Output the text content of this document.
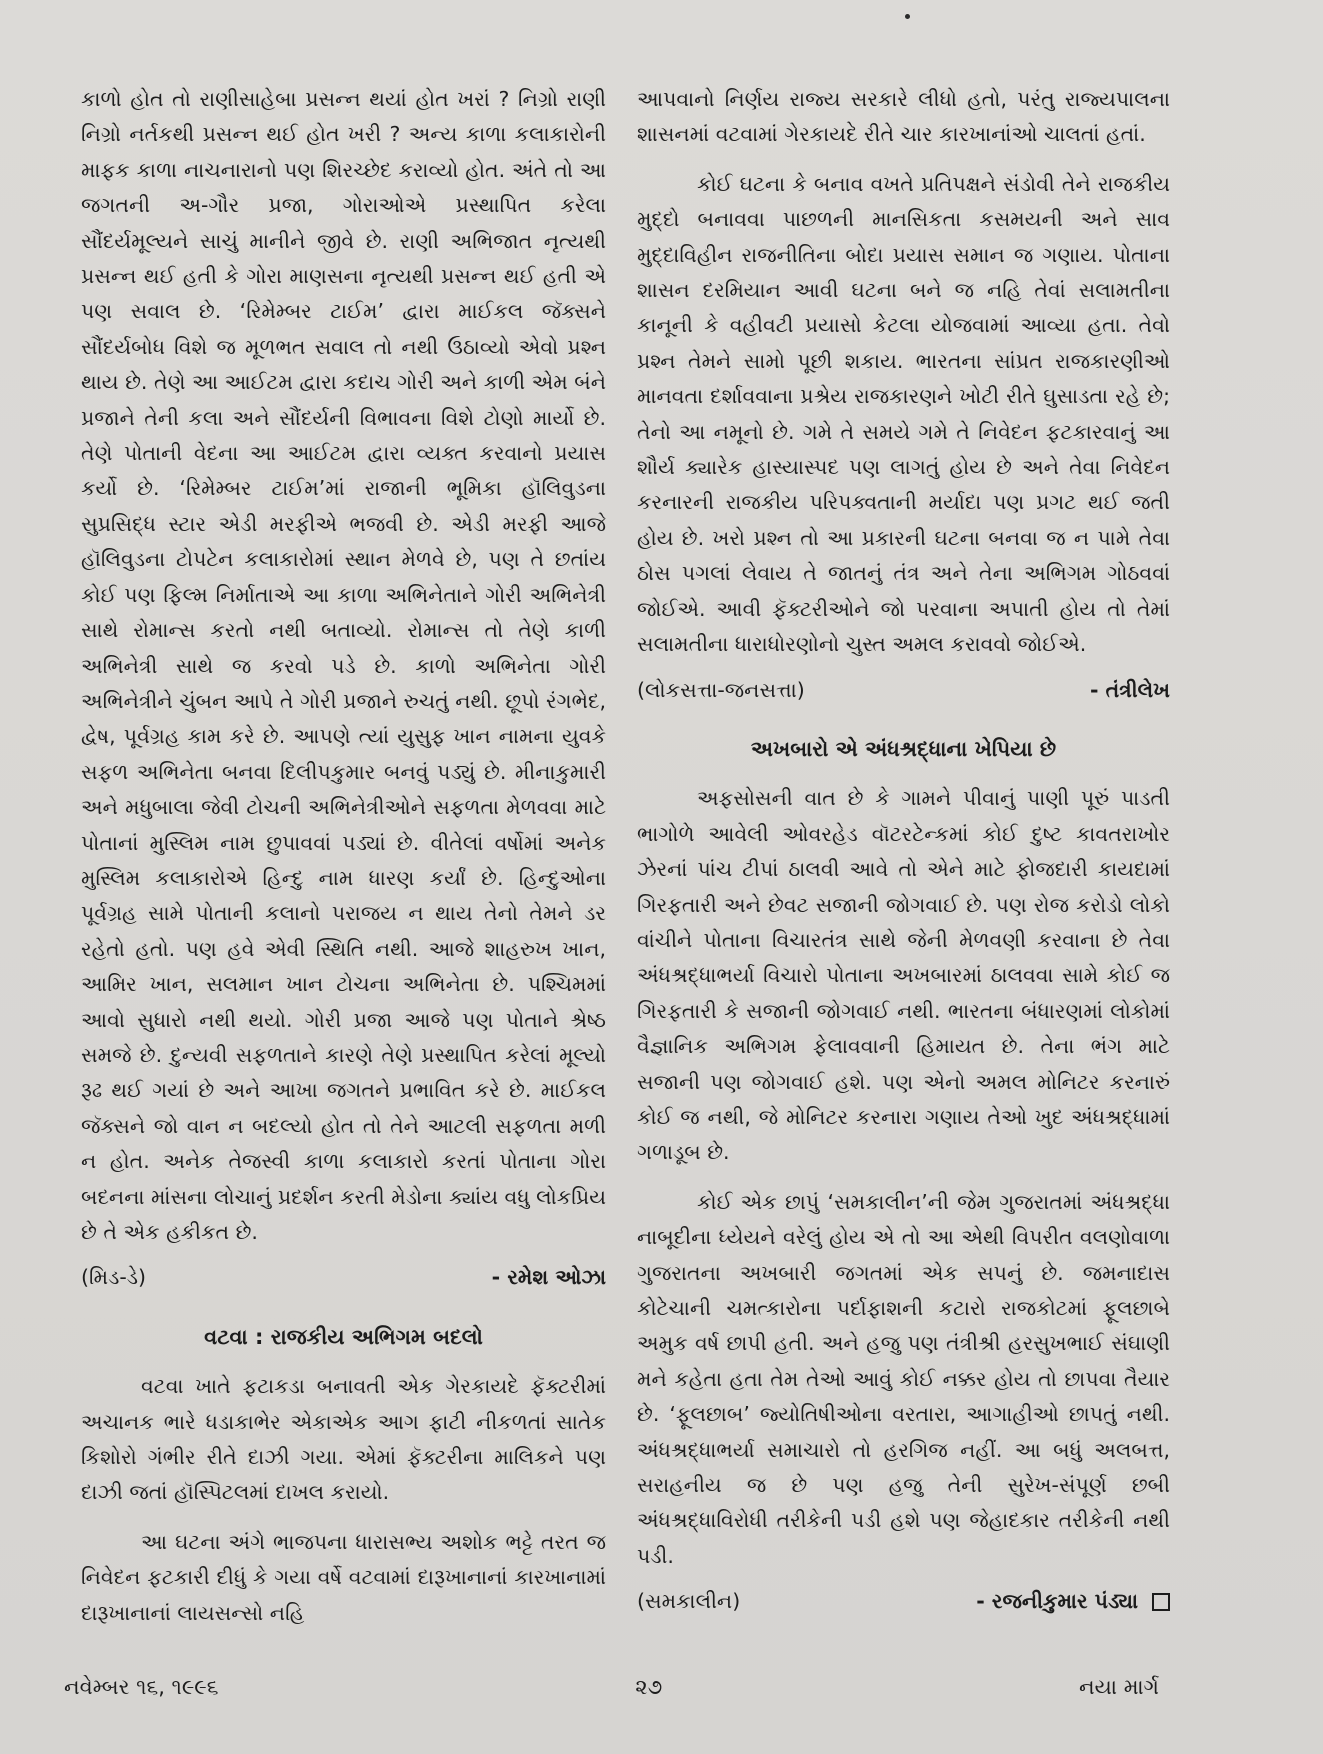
કાળો હોત તો રાણીસાહેબા પ્રસન્ન થયાં હોત ખરાં ? નિગ્રો રાણી નિગ્રો નર્તકથી પ્રસન્ન થઈ હોત ખરી ? અન્ય કાળા કલાકારોની માફક કાળા નાચનારાનો પણ શિરચ્છેદ કરાવ્યો હોત. અંતે તો આ જગતની અ-ગૌર પ્રજા, ગોરાઓએ પ્રસ્થાપિત કરેલા સૌંદર્યમૂલ્યને સાચું માનીને જીવે છે. રાણી અભિજાત નૃત્યથી પ્રસન્ન થઈ હતી કે ગોરા માણસના નૃત્યથી પ્રસન્ન થઈ હતી એ પણ સવાલ છે. ‘રિમેમ્બર ટાઈમ’ દ્વારા માઈકલ જૅક્સને સૌંદર્યબોધ વિશે જ મૂળભત સવાલ તો નથી ઉઠાવ્યો એવો પ્રશ્ન થાય છે. તેણે આ આઈટમ દ્વારા કદાચ ગોરી અને કાળી એમ બંને પ્રજાને તેની કલા અને સૌંદર્યની વિભાવના વિશે ટોણો માર્યો છે. તેણે પોતાની વેદના આ આઈટમ દ્વારા વ્યક્ત કરવાનો પ્રયાસ કર્યો છે. ‘રિમેમ્બર ટાઈમ’માં રાજાની ભૂમિકા હૉલિવુડના સુપ્રસિદ્ધ સ્ટાર એડી મરફીએ ભજવી છે. એડી મરફી આજે હૉલિવુડના ટોપટેન કલાકારોમાં સ્થાન મેળવે છે, પણ તે છતાંય કોઈ પણ ફિલ્મ નિર્માતાએ આ કાળા અભિનેતાને ગોરી અભિનેત્રી સાથે રોમાન્સ કરતો નથી બતાવ્યો. રોમાન્સ તો તેણે કાળી અભિનેત્રી સાથે જ કરવો પડે છે. કાળો અભિનેતા ગોરી અભિનેત્રીને ચુંબન આપે તે ગોરી પ્રજાને રુચતું નથી. છૂપો રંગભેદ, દ્વેષ, પૂર્વગ્રહ કામ કરે છે. આપણે ત્યાં યુસુફ ખાન નામના યુવકે સફળ અભિનેતા બનવા દિલીપકુમાર બનવું પડ્યું છે. મીનાકુમારી અને મધુબાલા જેવી ટોચની અભિનેત્રીઓને સફળતા મેળવવા માટે પોતાનાં મુસ્લિમ નામ છુપાવવાં પડ્યાં છે. વીતેલાં વર્ષોમાં અનેક મુસ્લિમ કલાકારોએ હિન્દુ નામ ધારણ કર્યાં છે. હિન્દુઓના પૂર્વગ્રહ સામે પોતાની કલાનો પરાજય ન થાય તેનો તેમને ડર રહેતો હતો. પણ હવે એવી સ્થિતિ નથી. આજે શાહરુખ ખાન, આમિર ખાન, સલમાન ખાન ટોચના અભિનેતા છે. પશ્ચિમમાં આવો સુધારો નથી થયો. ગોરી પ્રજા આજે પણ પોતાને શ્રેષ્ઠ સમજે છે. દુન્યવી સફળતાને કારણે તેણે પ્રસ્થાપિત કરેલાં મૂલ્યો રૂઢ થઈ ગયાં છે અને આખા જગતને પ્રભાવિત કરે છે. માઈકલ જૅક્સને જો વાન ન બદલ્યો હોત તો તેને આટલી સફળતા મળી ન હોત. અનેક તેજસ્વી કાળા કલાકારો કરતાં પોતાના ગોરા બદનના માંસના લોચાનું પ્રદર્શન કરતી મેડોના ક્યાંય વધુ લોકપ્રિય છે તે એક હકીકત છે.

(મિડ-ડે)	- રમેશ ઓઝા
વટવા : રાજકીય અભિગમ બદલો

વટવા ખાતે ફટાકડા બનાવતી એક ગેરકાયદે ફૅક્ટરીમાં અચાનક ભારે ધડાકાભેર એકાએક આગ ફાટી નીકળતાં સાતેક કિશોરો ગંભીર રીતે દાઝી ગયા. એમાં ફૅક્ટરીના માલિકને પણ દાઝી જતાં હૉસ્પિટલમાં દાખલ કરાયો.

આ ઘટના અંગે ભાજપના ધારાસભ્ય અશોક ભટ્ટે તરત જ નિવેદન ફટકારી દીધું કે ગયા વર્ષે વટવામાં દારૂખાનાનાં કારખાનામાં દારૂખાનાનાં લાયસન્સો નહિ

આપવાનો નિર્ણય રાજ્ય સરકારે લીધો હતો, પરંતુ રાજ્યપાલના શાસનમાં વટવામાં ગેરકાયદે રીતે ચાર કારખાનાંઓ ચાલતાં હતાં.

કોઈ ઘટના કે બનાવ વખતે પ્રતિપક્ષને સંડોવી તેને રાજકીય મુદ્દો બનાવવા પાછળની માનસિકતા કસમયની અને સાવ મુદ્દાવિહીન રાજનીતિના બોદા પ્રયાસ સમાન જ ગણાય. પોતાના શાસન દરમિયાન આવી ઘટના બને જ નહિ તેવાં સલામતીના કાનૂની કે વહીવટી પ્રયાસો કેટલા યોજવામાં આવ્યા હતા. તેવો પ્રશ્ન તેમને સામો પૂછી શકાય. ભારતના સાંપ્રત રાજકારણીઓ માનવતા દર્શાવવાના પ્રશ્રેય રાજકારણને ખોટી રીતે ઘુસાડતા રહે છે; તેનો આ નમૂનો છે. ગમે તે સમયે ગમે તે નિવેદન ફટકારવાનું આ શૌર્ય ક્યારેક હાસ્યાસ્પદ પણ લાગતું હોય છે અને તેવા નિવેદન કરનારની રાજકીય પરિપક્વતાની મર્યાદા પણ પ્રગટ થઈ જતી હોય છે. ખરો પ્રશ્ન તો આ પ્રકારની ઘટના બનવા જ ન પામે તેવા ઠોસ પગલાં લેવાય તે જાતનું તંત્ર અને તેના અભિગમ ગોઠવવાં જોઈએ. આવી ફૅક્ટરીઓને જો પરવાના અપાતી હોય તો તેમાં સલામતીના ધારાધોરણોનો ચુસ્ત અમલ કરાવવો જોઈએ.

(લોકસત્તા-જનસત્તા)	- તંત્રીલેખ
અખબારો એ અંધશ્રદ્ધાના ખેપિયા છે

અફસોસની વાત છે કે ગામને પીવાનું પાણી પૂરું પાડતી ભાગોળે આવેલી ઓવરહેડ વૉટરટેન્કમાં કોઈ દુષ્ટ કાવતરાખોર ઝેરનાં પાંચ ટીપાં ઠાલવી આવે તો એને માટે ફોજદારી કાયદામાં ગિરફતારી અને છેવટ સજાની જોગવાઈ છે. પણ રોજ કરોડો લોકો વાંચીને પોતાના વિચારતંત્ર સાથે જેની મેળવણી કરવાના છે તેવા અંધશ્રદ્ધાભર્યા વિચારો પોતાના અખબારમાં ઠાલવવા સામે કોઈ જ ગિરફતારી કે સજાની જોગવાઈ નથી. ભારતના બંધારણમાં લોકોમાં વૈજ્ઞાનિક અભિગમ ફેલાવવાની હિમાયત છે. તેના ભંગ માટે સજાની પણ જોગવાઈ હશે. પણ એનો અમલ મોનિટર કરનારું કોઈ જ નથી, જે મોનિટર કરનારા ગણાય તેઓ ખુદ અંધશ્રદ્ધામાં ગળાડૂબ છે.

કોઈ એક છાપું ‘સમકાલીન’ની જેમ ગુજરાતમાં અંધશ્રદ્ધા નાબૂદીના ધ્યેયને વરેલું હોય એ તો આ એથી વિપરીત વલણોવાળા ગુજરાતના અખબારી જગતમાં એક સપનું છે. જમનાદાસ કોટેચાની ચમત્કારોના પર્દાફાશની કટારો રાજકોટમાં ફૂલછાબે અમુક વર્ષ છાપી હતી. અને હજુ પણ તંત્રીશ્રી હરસુખભાઈ સંઘાણી મને કહેતા હતા તેમ તેઓ આવું કોઈ નક્કર હોય તો છાપવા તૈયાર છે. ‘ફૂલછાબ’ જ્યોતિષીઓના વરતારા, આગાહીઓ છાપતું નથી. અંધશ્રદ્ધાભર્યા સમાચારો તો હરગિજ નહીં. આ બધું અલબત્ત, સરાહનીય જ છે પણ હજુ તેની સુરેખ-સંપૂર્ણ છબી અંધશ્રદ્ધાવિરોધી તરીકેની પડી હશે પણ જેહાદકાર તરીકેની નથી પડી.

(સમકાલીન)	- રજનીકુમાર પંડ્યા
નવેમ્બર ૧૬, ૧૯૯૬	૨૭	નયા માર્ગ
